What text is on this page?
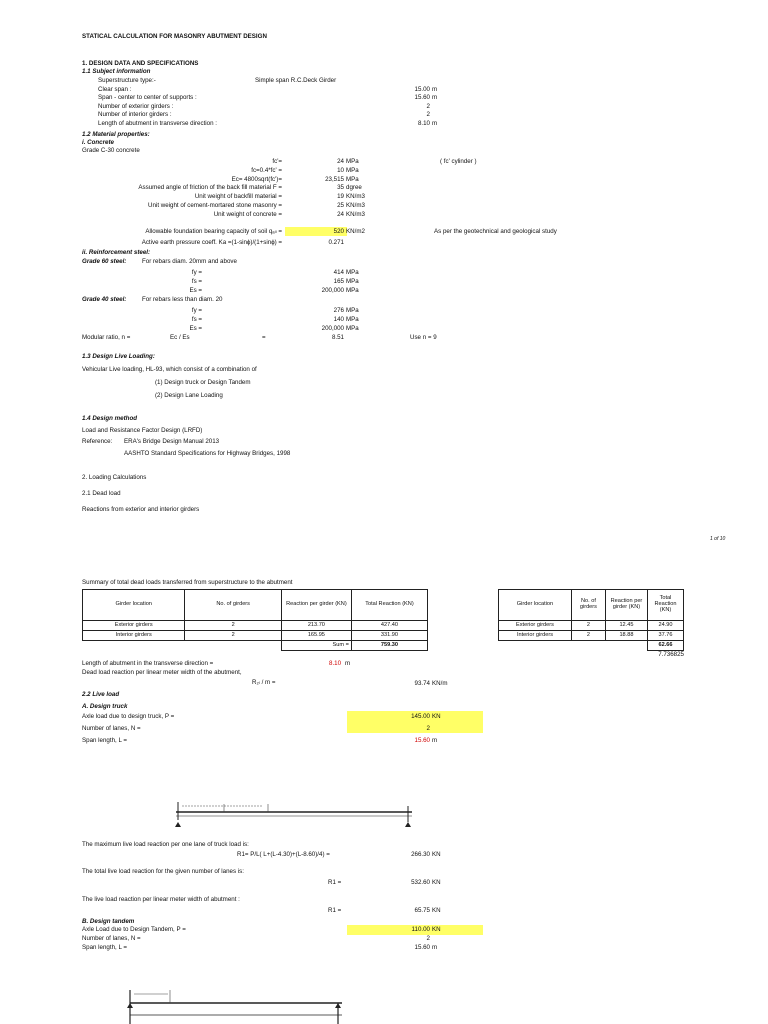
STATICAL CALCULATION FOR MASONRY ABUTMENT DESIGN
1. DESIGN DATA AND SPECIFICATIONS
1.1 Subject information
Superstructure type:-	Simple span R.C.Deck Girder
Clear span :	15.00 m
Span - center to center of supports :	15.60 m
Number of exterior girders :	2
Number of interior girders :	2
Length of abutment in transverse direction :	8.10 m
1.2 Material properties:
i. Concrete
Grade C-30 concrete
fc'=	24 MPa	( fc' cylinder )
fc=0.4*fc' =	10 MPa
Ec= 4800sqrt(fc')=	23,515 MPa
Assumed angle of friction of the back fill material F =	35 dgree
Unit weight of backfill material =	19 KN/m3
Unit weight of cement-mortared stone masonry =	25 KN/m3
Unit weight of concrete =	24 KN/m3
Allowable foundation bearing capacity of soil qₐₗₗ =	520 KN/m2	As per the geotechnical and geological study
Active earth pressure coeff. Ka =(1-sinɸ)/(1+sinɸ) =	0.271
ii. Reinforcement steel:
Grade 60 steel:	For rebars diam. 20mm and above
fy =	414 MPa
fs =	165 MPa
Es =	200,000 MPa
Grade 40 steel:	For rebars less than diam. 20
fy =	276 MPa
fs =	140 MPa
Es =	200,000 MPa
Modular ratio, n =	Ec / Es	=	8.51	Use n = 9
1.3 Design Live Loading:
Vehicular Live loading, HL-93, which consist of a combination of
(1) Design truck or Design Tandem
(2) Design Lane Loading
1.4 Design method
Load and Resistance Factor Design (LRFD)
Reference: ERA's Bridge Design Manual 2013
AASHTO Standard Specifications for Highway Bridges, 1998
2. Loading Calculations
2.1 Dead load
Reactions from exterior and interior girders
1 of 10
Summary of total dead loads transferred from superstructure to the abutment
Girder location	No. of girders	Reaction per girder (KN)	Total Reaction (KN)
Exterior girders	2	213.70	427.40
Interior girders	2	165.95	331.90
		Sum =	759.30
Girder location	No. of girders	Reaction per girder (KN)	Total Reaction (KN)
Exterior girders	2	12.45	24.90
Interior girders	2	18.88	37.76
			62.66
7.736825
Length of abutment in the transverse direction =	8.10 m
Dead load reaction per linear meter width of the abutment,
R₂ₗ / m =	93.74 KN/m
2.2 Live load
A. Design truck
Axle load due to design truck, P =	145.00 KN
Number of lanes, N =	2
Span length, L =	15.60 m
The maximum live load reaction per one lane of truck load is:
R1= P/L( L+(L-4.30)+(L-8.60)/4) =	266.30 KN
The total live load reaction for the given number of lanes is:
R1 =	532.60 KN
The live load reaction per linear meter width of abutment :
R1 =	65.75 KN
B. Design tandem
Axle Load due to Design Tandem, P =	110.00 KN
Number of lanes, N =	2
Span length, L =	15.60 m
